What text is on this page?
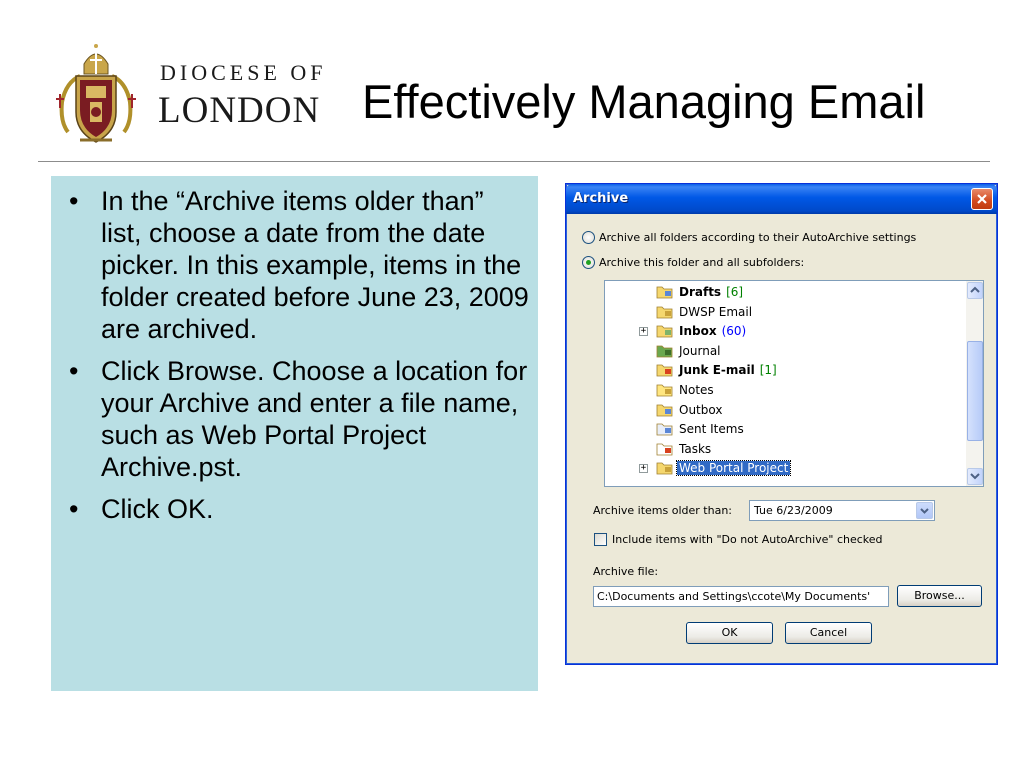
DIOCESE OF
LONDON Effectively Managing Email
• In the “Archive items older than” list, choose a date from the date picker. In this example, items in the folder created before June 23, 2009 are archived.
• Click Browse. Choose a location for your Archive and enter a file name, such as Web Portal Project Archive.pst.
• Click OK.
Archive
Archive all folders according to their AutoArchive settings
Archive this folder and all subfolders:
+	Web Portal Project
Tasks
Sent Items
Outbox
Notes
Junk E-mail [1]
Journal
+	Inbox (60)
DWSP Email
Drafts [6]
Archive items older than: Tue 6/23/2009
Include items with "Do not AutoArchive" checked
Archive file:
C:\Documents and Settings\ccote\My Documents'
Browse...
OK	Cancel
